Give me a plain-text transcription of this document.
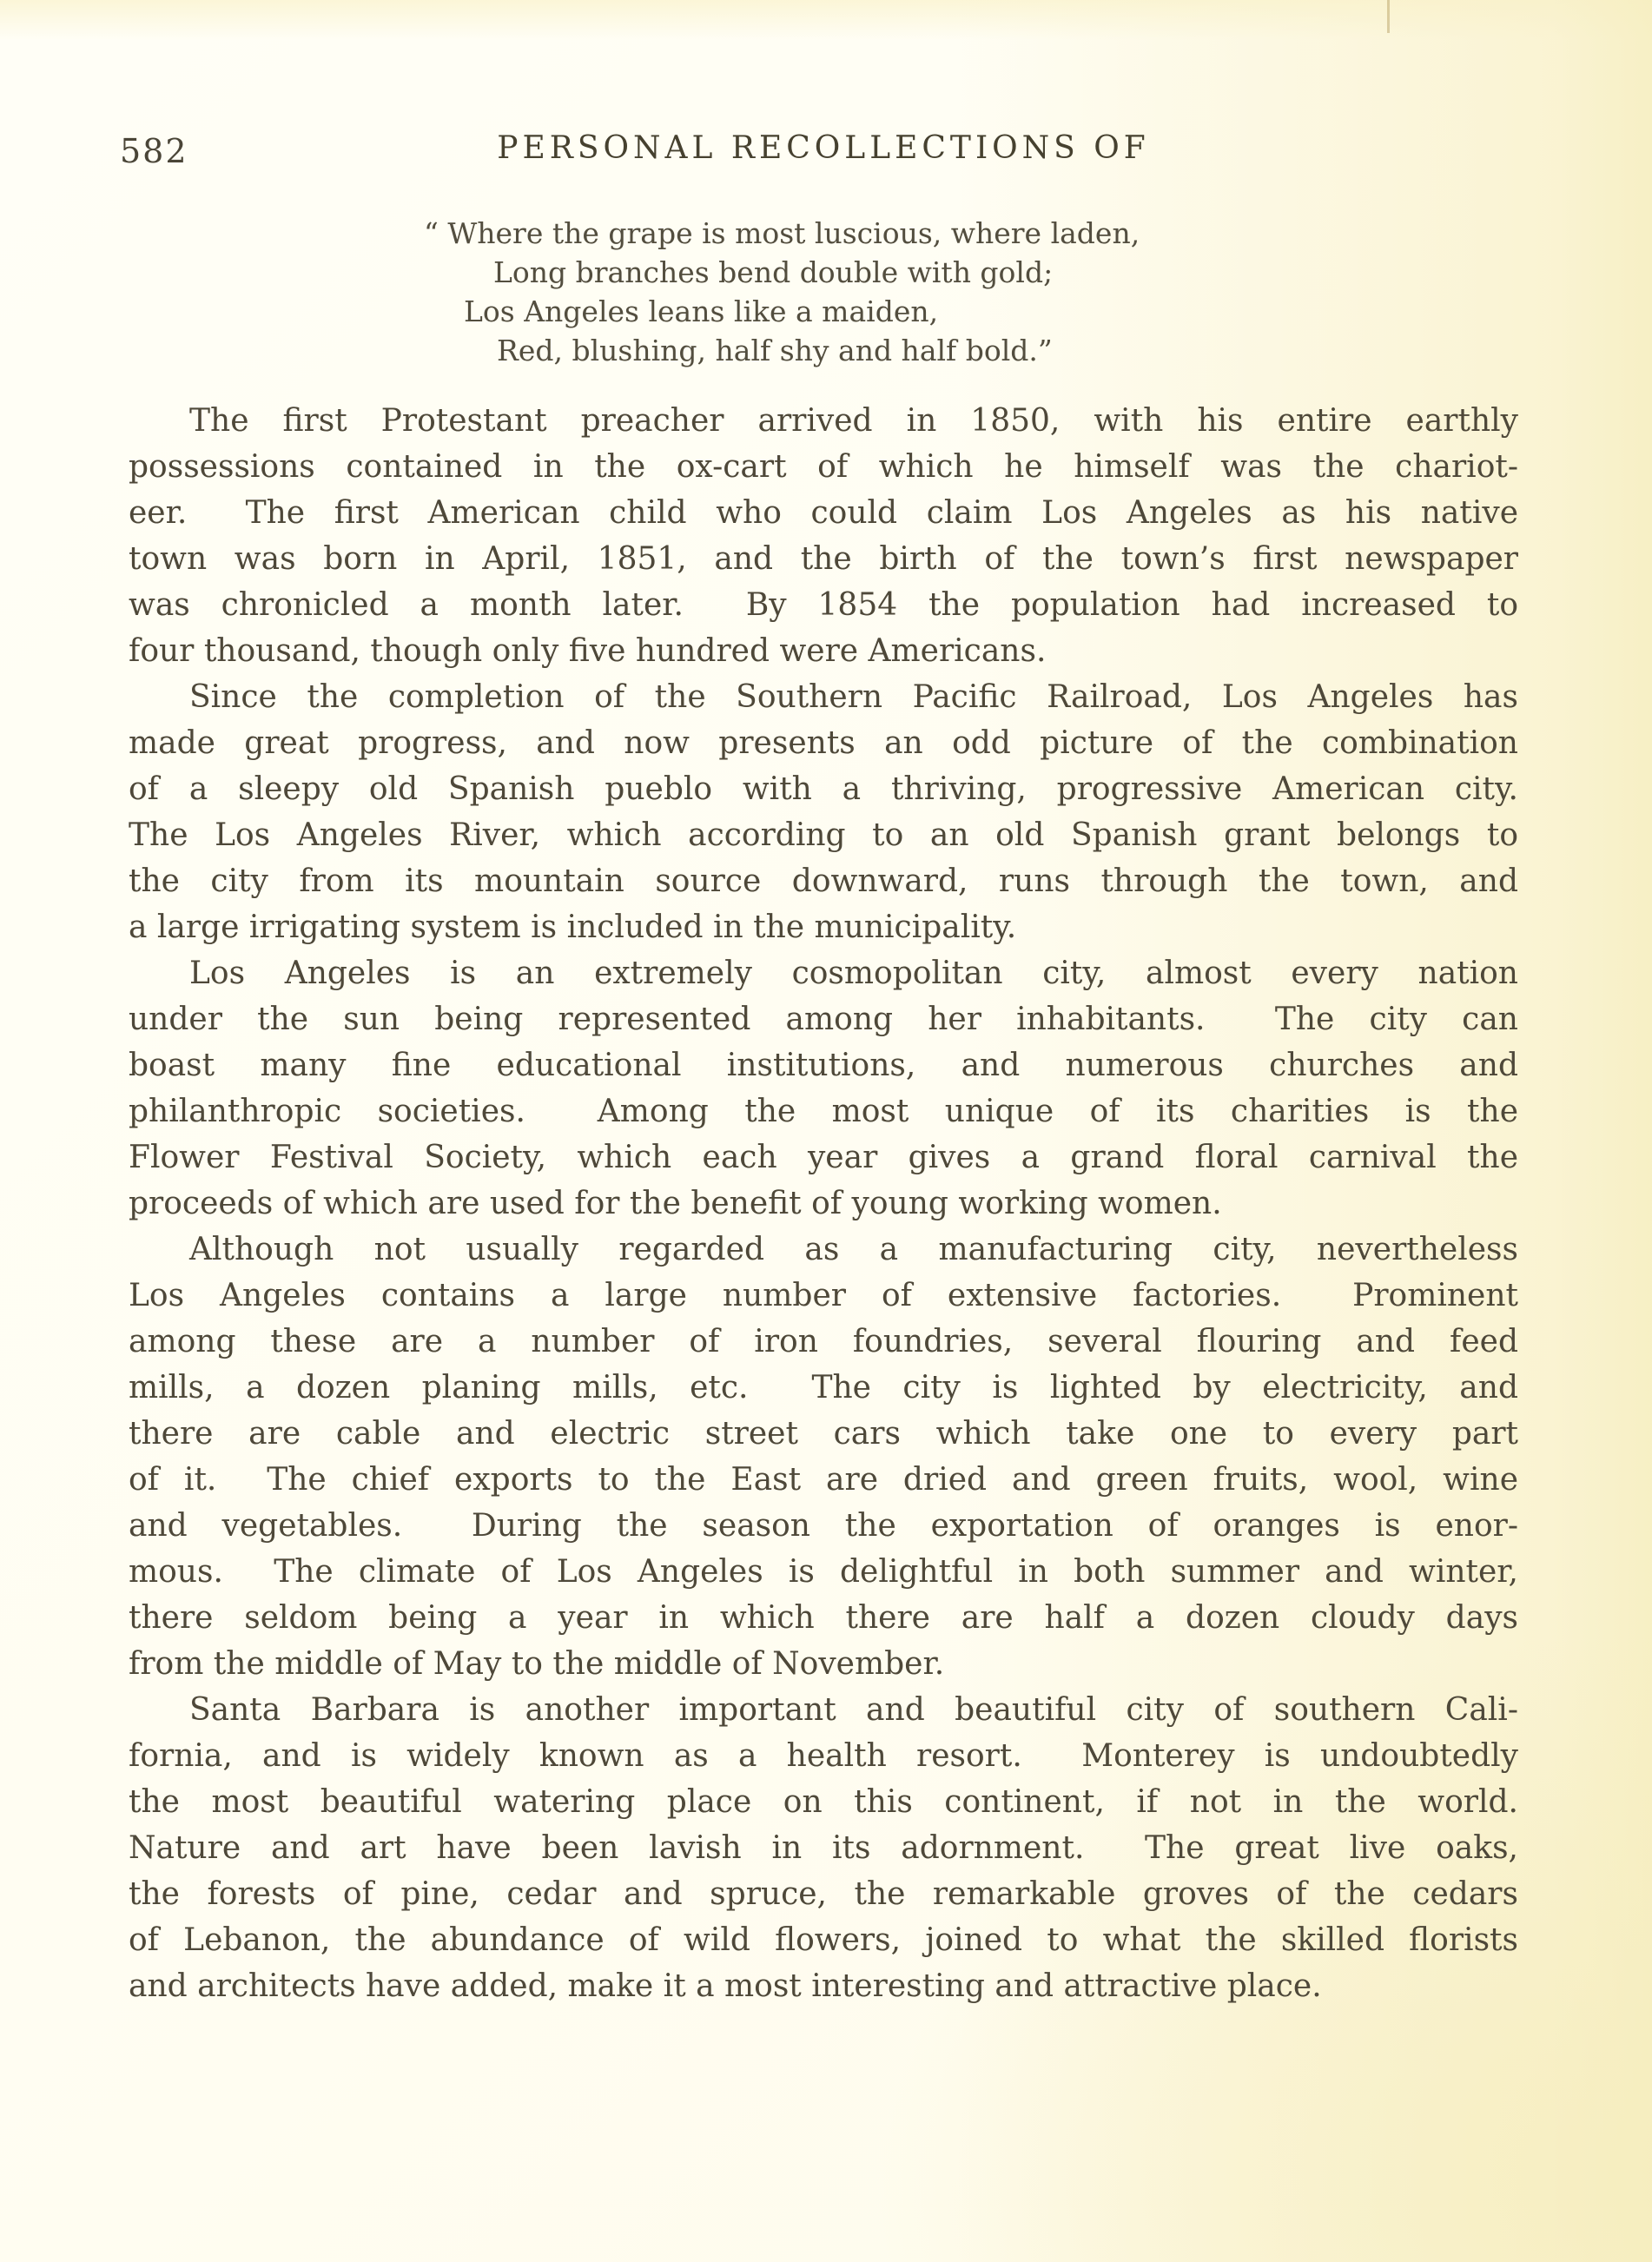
582	PERSONAL RECOLLECTIONS OF
“ Where the grape is most luscious, where laden,
Long branches bend double with gold;
Los Angeles leans like a maiden,
Red, blushing, half shy and half bold.”

The first Protestant preacher arrived in 1850, with his entire earthly
possessions contained in the ox-cart of which he himself was the chariot-
eer.  The first American child who could claim Los Angeles as his native
town was born in April, 1851, and the birth of the town’s first newspaper
was chronicled a month later.  By 1854 the population had increased to
four thousand, though only five hundred were Americans.

Since the completion of the Southern Pacific Railroad, Los Angeles has
made great progress, and now presents an odd picture of the combination
of a sleepy old Spanish pueblo with a thriving, progressive American city.
The Los Angeles River, which according to an old Spanish grant belongs to
the city from its mountain source downward, runs through the town, and
a large irrigating system is included in the municipality.

Los Angeles is an extremely cosmopolitan city, almost every nation
under the sun being represented among her inhabitants.  The city can
boast many fine educational institutions, and numerous churches and
philanthropic societies.  Among the most unique of its charities is the
Flower Festival Society, which each year gives a grand floral carnival the
proceeds of which are used for the benefit of young working women.

Although not usually regarded as a manufacturing city, nevertheless
Los Angeles contains a large number of extensive factories.  Prominent
among these are a number of iron foundries, several flouring and feed
mills, a dozen planing mills, etc.  The city is lighted by electricity, and
there are cable and electric street cars which take one to every part
of it.  The chief exports to the East are dried and green fruits, wool, wine
and vegetables.  During the season the exportation of oranges is enor-
mous.  The climate of Los Angeles is delightful in both summer and winter,
there seldom being a year in which there are half a dozen cloudy days
from the middle of May to the middle of November.

Santa Barbara is another important and beautiful city of southern Cali-
fornia, and is widely known as a health resort.  Monterey is undoubtedly
the most beautiful watering place on this continent, if not in the world.
Nature and art have been lavish in its adornment.  The great live oaks,
the forests of pine, cedar and spruce, the remarkable groves of the cedars
of Lebanon, the abundance of wild flowers, joined to what the skilled florists
and architects have added, make it a most interesting and attractive place.
